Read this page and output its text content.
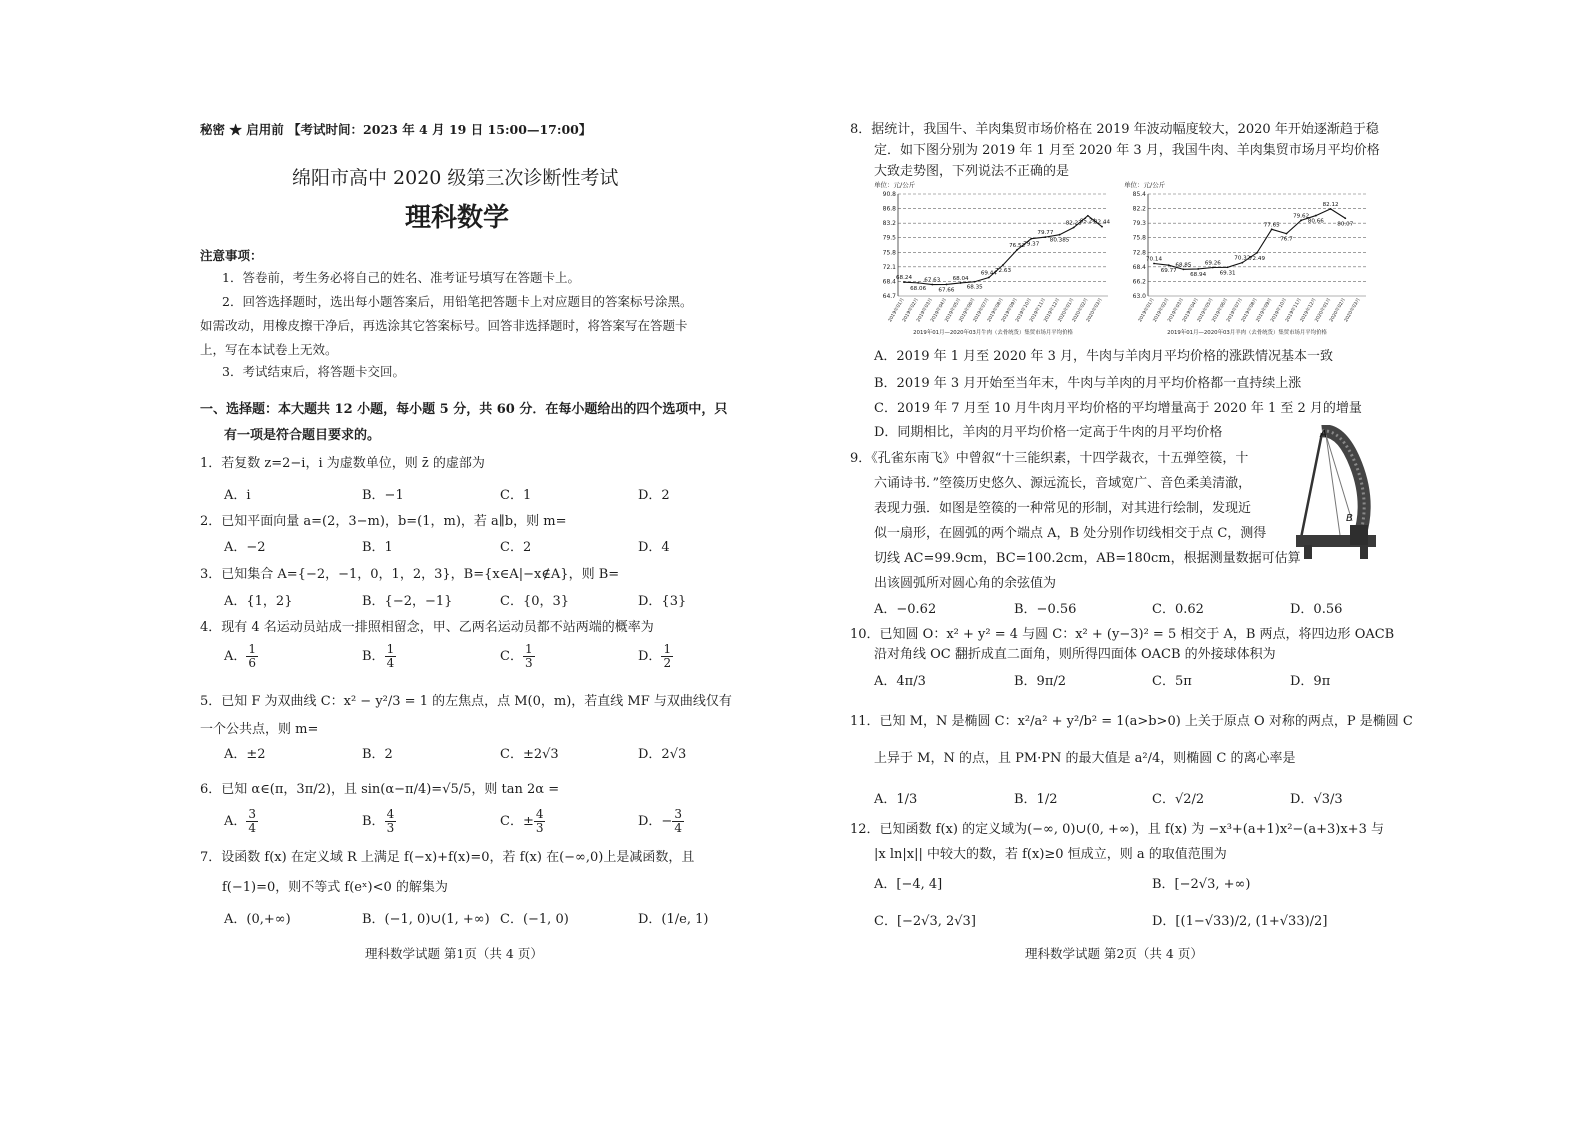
秘密 ★ 启用前 【考试时间：2023 年 4 月 19 日 15:00—17:00】
绵阳市高中 2020 级第三次诊断性考试
理科数学
注意事项：
1．答卷前，考生务必将自己的姓名、准考证号填写在答题卡上。
2．回答选择题时，选出每小题答案后，用铅笔把答题卡上对应题目的答案标号涂黑。
如需改动，用橡皮擦干净后，再选涂其它答案标号。回答非选择题时，将答案写在答题卡
上，写在本试卷上无效。
3．考试结束后，将答题卡交回。
一、选择题：本大题共 12 小题，每小题 5 分，共 60 分．在每小题给出的四个选项中，只
有一项是符合题目要求的。
1．若复数 z=2−i，i 为虚数单位，则 z̄ 的虚部为
A．i	B．−1	C．1	D．2
2．已知平面向量 a=(2，3−m)，b=(1，m)，若 a∥b，则 m=
A．−2	B．1	C．2	D．4
3．已知集合 A={−2，−1，0，1，2，3}，B={x∈A|−x∉A}，则 B=
A．{1，2}	B．{−2，−1}	C．{0，3}	D．{3}
4．现有 4 名运动员站成一排照相留念，甲、乙两名运动员都不站两端的概率为
A． $\frac{1}{6}$	B． $\frac{1}{4}$	C． $\frac{1}{3}$	D． $\frac{1}{2}$
5．已知 F 为双曲线 C：x² − y²/3 = 1 的左焦点，点 M(0，m)，若直线 MF 与双曲线仅有
一个公共点，则 m=
A．±2	B．2	C．±2√3	D．2√3
6．已知 α∈(π，3π/2)，且 sin(α−π/4)=√5/5，则 tan 2α =
A． $\frac{3}{4}$	B． $\frac{4}{3}$	C．± $\frac{4}{3}$	D．− $\frac{3}{4}$
7．设函数 f(x) 在定义域 R 上满足 f(−x)+f(x)=0，若 f(x) 在(−∞,0)上是减函数，且
f(−1)=0，则不等式 f(eˣ)<0 的解集为
A．(0,+∞)	B．(−1, 0)∪(1, +∞) C．(−1, 0)	D．(1/e, 1)
理科数学试题 第1页（共 4 页）
8．据统计，我国牛、羊肉集贸市场价格在 2019 年波动幅度较大，2020 年开始逐渐趋于稳
定．如下图分别为 2019 年 1 月至 2020 年 3 月，我国牛肉、羊肉集贸市场月平均价格
大致走势图，下列说法不正确的是
单位：元/公斤
90.8
86.8
83.2
79.5
75.8
72.1
68.4
64.7
68.24
68.06
67.63
67.66
68.04
68.35
69.44
72.63
76.52
79.37
79.77
80.385
82.23
85.24
82.44
2019年01月
2019年02月
2019年03月
2019年04月
2019年05月
2019年06月
2019年07月
2019年08月
2019年09月
2019年10月
2019年11月
2019年12月
2020年01月
2020年02月
2020年03月
2019年01月—2020年03月牛肉（去骨统货）集贸市场月平均价格
单位：元/公斤
85.4
82.2
79.3
75.8
72.8
68.4
66.2
63.0
70.14
69.77
68.85
68.94
69.26
69.31
70.32
72.49
77.65
76.7
79.62
80.66
82.12
80.07
2019年01月
2019年02月
2019年03月
2019年04月
2019年05月
2019年06月
2019年07月
2019年08月
2019年09月
2019年10月
2019年11月
2019年12月
2020年01月
2020年02月
2020年03月
2019年01月—2020年03月羊肉（去骨统货）集贸市场月平均价格
A．2019 年 1 月至 2020 年 3 月，牛肉与羊肉月平均价格的涨跌情况基本一致
B．2019 年 3 月开始至当年末，牛肉与羊肉的月平均价格都一直持续上涨
C．2019 年 7 月至 10 月牛肉月平均价格的平均增量高于 2020 年 1 至 2 月的增量
D．同期相比，羊肉的月平均价格一定高于牛肉的月平均价格
9．《孔雀东南飞》中曾叙“十三能织素，十四学裁衣，十五弹箜篌，十
六诵诗书．”箜篌历史悠久、源远流长，音域宽广、音色柔美清澈，
表现力强．如图是箜篌的一种常见的形制，对其进行绘制，发现近
似一扇形，在圆弧的两个端点 A，B 处分别作切线相交于点 C，测得
切线 AC=99.9cm，BC=100.2cm，AB=180cm，根据测量数据可估算
出该圆弧所对圆心角的余弦值为
A
B
A．−0.62	B．−0.56	C．0.62	D．0.56
10．已知圆 O：x² + y² = 4 与圆 C：x² + (y−3)² = 5 相交于 A，B 两点，将四边形 OACB
沿对角线 OC 翻折成直二面角，则所得四面体 OACB 的外接球体积为
A．4π/3	B．9π/2	C．5π	D．9π
11．已知 M，N 是椭圆 C：x²/a² + y²/b² = 1(a>b>0) 上关于原点 O 对称的两点，P 是椭圆 C
上异于 M，N 的点，且 PM·PN 的最大值是 a²/4，则椭圆 C 的离心率是
A．1/3	B．1/2	C．√2/2	D．√3/3
12．已知函数 f(x) 的定义域为(−∞, 0)∪(0, +∞)，且 f(x) 为 −x³+(a+1)x²−(a+3)x+3 与
|x ln|x|| 中较大的数，若 f(x)≥0 恒成立，则 a 的取值范围为
A．[−4, 4]	B．[−2√3, +∞)
C．[−2√3, 2√3]	D．[(1−√33)/2, (1+√33)/2]
理科数学试题 第2页（共 4 页）
